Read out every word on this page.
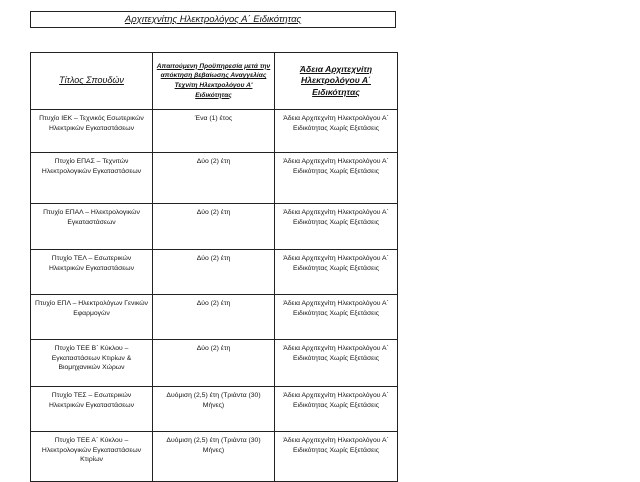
Αρχιτεχνίτης Ηλεκτρολόγος Α΄ Ειδικότητας
Τίτλος Σπουδών	Απαιτούμενη Προϋπηρεσία μετά την απόκτηση βεβαίωσης Αναγγελίας Τεχνίτη Ηλεκτρολόγου Α' Ειδικότητας	Άδεια Αρχιτεχνίτη Ηλεκτρολόγου Α΄ Ειδικότητας
Πτυχίο ΙΕΚ – Τεχνικός Εσωτερικών Ηλεκτρικών Εγκαταστάσεων	Ένα (1) έτος	Άδεια Αρχιτεχνίτη Ηλεκτρολόγου Α΄ Ειδικότητας Χωρίς Εξετάσεις
Πτυχίο ΕΠΑΣ – Τεχνιτών Ηλεκτρολογικών Εγκαταστάσεων	Δύο (2) έτη	Άδεια Αρχιτεχνίτη Ηλεκτρολόγου Α΄ Ειδικότητας Χωρίς Εξετάσεις
Πτυχίο ΕΠΑΛ – Ηλεκτρολογικών Εγκαταστάσεων	Δύο (2) έτη	Άδεια Αρχιτεχνίτη Ηλεκτρολόγου Α΄ Ειδικότητας Χωρίς Εξετάσεις
Πτυχίο ΤΕΛ – Εσωτερικών Ηλεκτρικών Εγκαταστάσεων	Δύο (2) έτη	Άδεια Αρχιτεχνίτη Ηλεκτρολόγου Α΄ Ειδικότητας Χωρίς Εξετάσεις
Πτυχίο ΕΠΛ – Ηλεκτρολόγων Γενικών Εφαρμογών	Δύο (2) έτη	Άδεια Αρχιτεχνίτη Ηλεκτρολόγου Α΄ Ειδικότητας Χωρίς Εξετάσεις
Πτυχίο ΤΕΕ Β΄ Κύκλου – Εγκαταστάσεων Κτιρίων & Βιομηχανικών Χώρων	Δύο (2) έτη	Άδεια Αρχιτεχνίτη Ηλεκτρολόγου Α΄ Ειδικότητας Χωρίς Εξετάσεις
Πτυχίο ΤΕΣ – Εσωτερικών Ηλεκτρικών Εγκαταστάσεων	Δυόμιση (2,5) έτη (Τριάντα (30) Μήνες)	Άδεια Αρχιτεχνίτη Ηλεκτρολόγου Α΄ Ειδικότητας Χωρίς Εξετάσεις
Πτυχίο ΤΕΕ Α΄ Κύκλου – Ηλεκτρολογικών Εγκαταστάσεων Κτιρίων	Δυόμιση (2,5) έτη (Τριάντα (30) Μήνες)	Άδεια Αρχιτεχνίτη Ηλεκτρολόγου Α΄ Ειδικότητας Χωρίς Εξετάσεις
